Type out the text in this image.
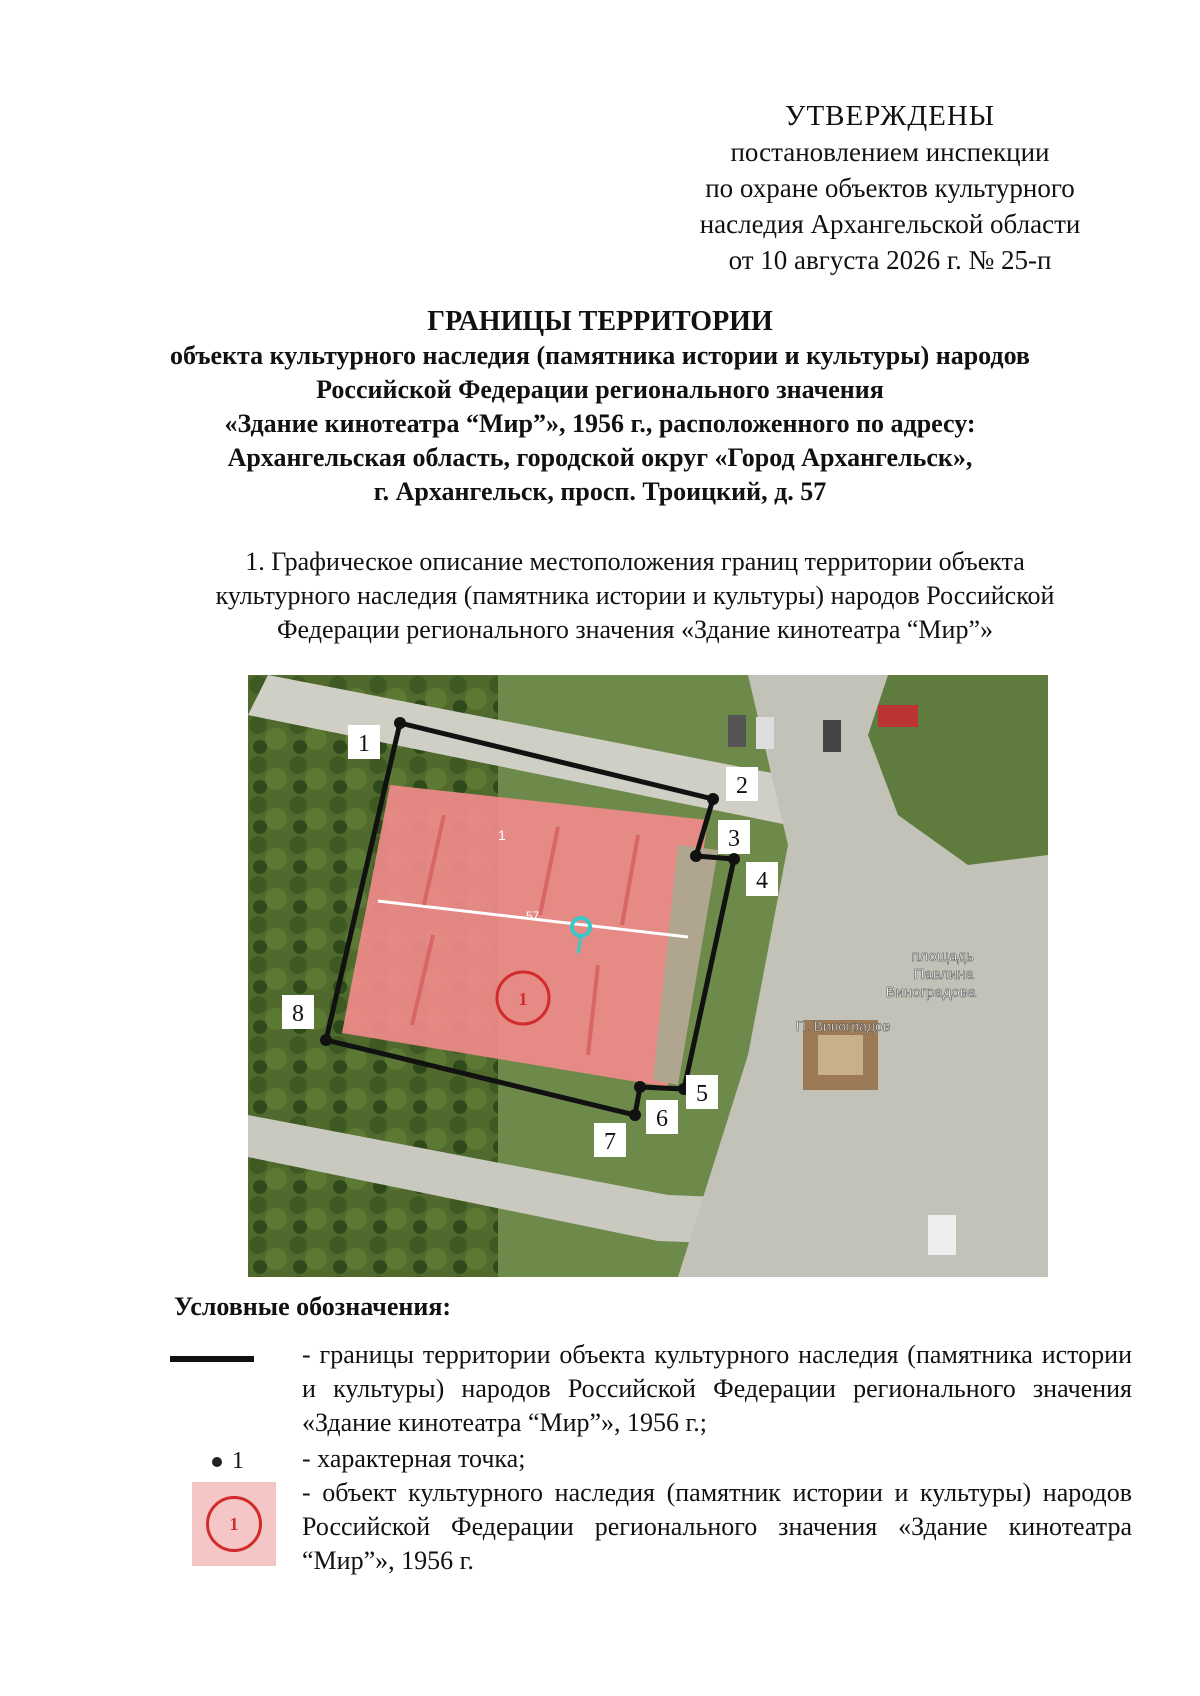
УТВЕРЖДЕНЫ
постановлением инспекции
по охране объектов культурного
наследия Архангельской области
от 10 августа 2026 г. № 25-п
ГРАНИЦЫ ТЕРРИТОРИИ
объекта культурного наследия (памятника истории и культуры) народов
Российской Федерации регионального значения
«Здание кинотеатра “Мир”», 1956 г., расположенного по адресу:
Архангельская область, городской округ «Город Архангельск»,
г. Архангельск, просп. Троицкий, д. 57
1. Графическое описание местоположения границ территории объекта
культурного наследия (памятника истории и культуры) народов Российской
Федерации регионального значения «Здание кинотеатра “Мир”»
1
57
1
1
2
3
4
5
6
7
8
площадь
Павлина
Виноградова
П. Виноградов
Условные обозначения:
- границы территории объекта культурного наследия (памятника истории и культуры) народов Российской Федерации регионального значения «Здание кинотеатра “Мир”», 1956 г.;
1 - характерная точка;
1
- объект культурного наследия (памятник истории и культуры) народов Российской Федерации регионального значения «Здание кинотеатра “Мир”», 1956 г.
